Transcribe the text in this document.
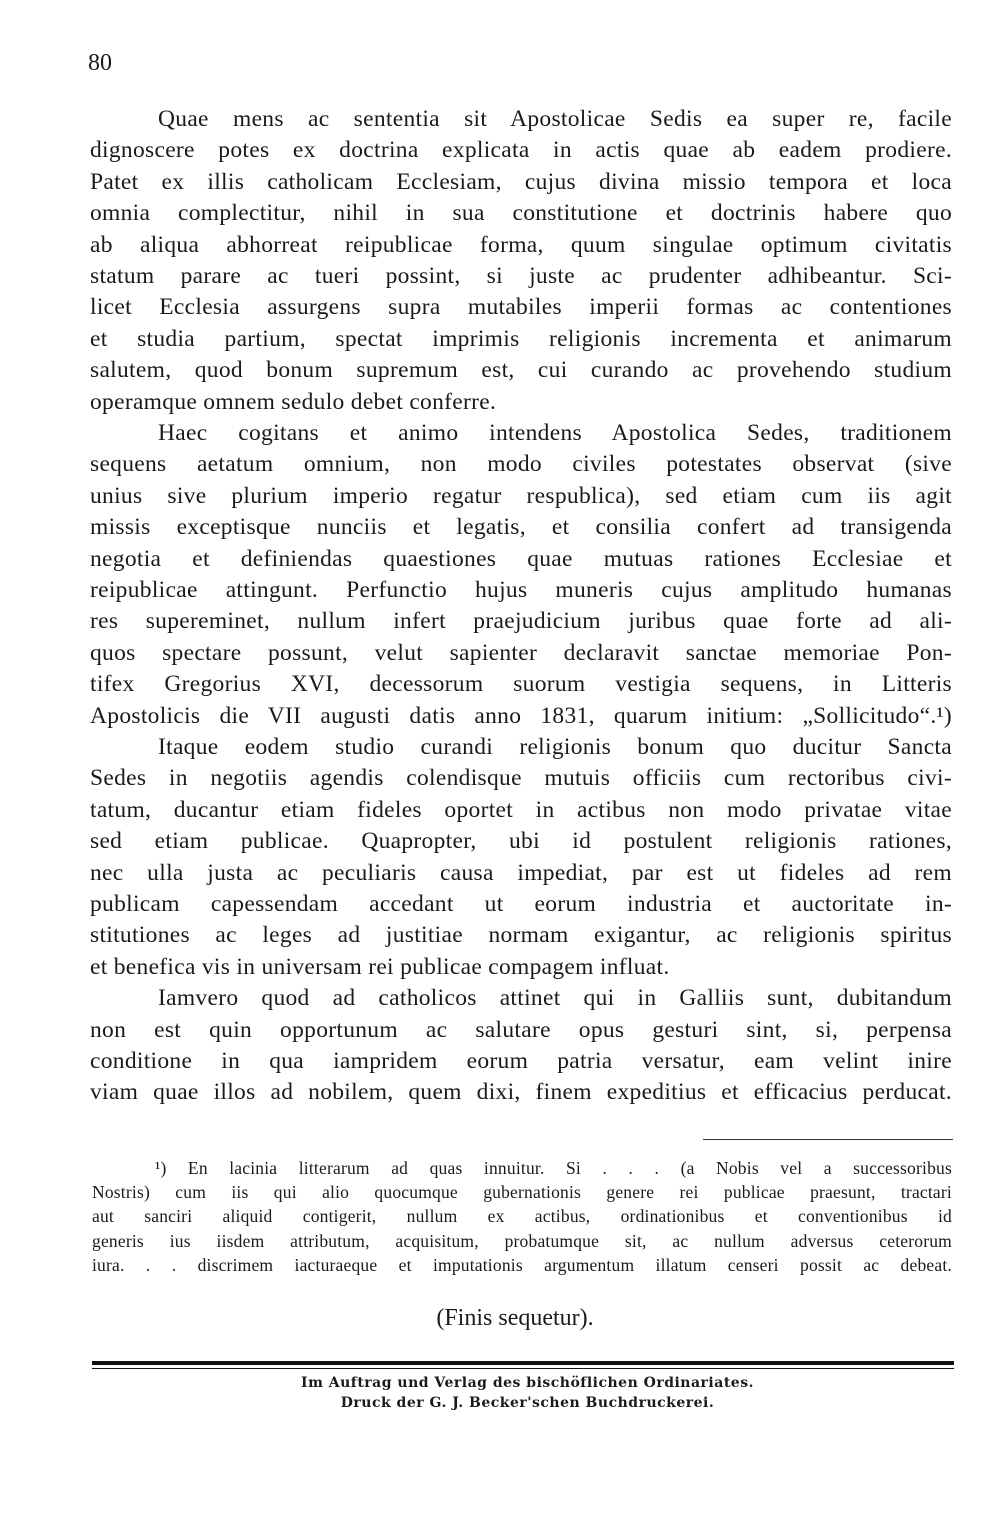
80
Quae mens ac sententia sit Apostolicae Sedis ea super re, facile
dignoscere potes ex doctrina explicata in actis quae ab eadem prodiere.
Patet ex illis catholicam Ecclesiam, cujus divina missio tempora et loca
omnia complectitur, nihil in sua constitutione et doctrinis habere quo
ab aliqua abhorreat reipublicae forma, quum singulae optimum civitatis
statum parare ac tueri possint, si juste ac prudenter adhibeantur. Sci-
licet Ecclesia assurgens supra mutabiles imperii formas ac contentiones
et studia partium, spectat imprimis religionis incrementa et animarum
salutem, quod bonum supremum est, cui curando ac provehendo studium
operamque omnem sedulo debet conferre.
Haec cogitans et animo intendens Apostolica Sedes, traditionem
sequens aetatum omnium, non modo civiles potestates observat (sive
unius sive plurium imperio regatur respublica), sed etiam cum iis agit
missis exceptisque nunciis et legatis, et consilia confert ad transigenda
negotia et definiendas quaestiones quae mutuas rationes Ecclesiae et
reipublicae attingunt. Perfunctio hujus muneris cujus amplitudo humanas
res supereminet, nullum infert praejudicium juribus quae forte ad ali-
quos spectare possunt, velut sapienter declaravit sanctae memoriae Pon-
tifex Gregorius XVI, decessorum suorum vestigia sequens, in Litteris
Apostolicis die VII augusti datis anno 1831, quarum initium: „Sollicitudo“.¹)
Itaque eodem studio curandi religionis bonum quo ducitur Sancta
Sedes in negotiis agendis colendisque mutuis officiis cum rectoribus civi-
tatum, ducantur etiam fideles oportet in actibus non modo privatae vitae
sed etiam publicae. Quapropter, ubi id postulent religionis rationes,
nec ulla justa ac peculiaris causa impediat, par est ut fideles ad rem
publicam capessendam accedant ut eorum industria et auctoritate in-
stitutiones ac leges ad justitiae normam exigantur, ac religionis spiritus
et benefica vis in universam rei publicae compagem influat.
Iamvero quod ad catholicos attinet qui in Galliis sunt, dubitandum
non est quin opportunum ac salutare opus gesturi sint, si, perpensa
conditione in qua iampridem eorum patria versatur, eam velint inire
viam quae illos ad nobilem, quem dixi, finem expeditius et efficacius perducat.
¹) En lacinia litterarum ad quas innuitur. Si . . . (a Nobis vel a successoribus
Nostris) cum iis qui alio quocumque gubernationis genere rei publicae praesunt, tractari
aut sanciri aliquid contigerit, nullum ex actibus, ordinationibus et conventionibus id
generis ius iisdem attributum, acquisitum, probatumque sit, ac nullum adversus ceterorum
iura. . . discrimem iacturaeque et imputationis argumentum illatum censeri possit ac debeat.
(Finis sequetur).
Im Auftrag und Verlag des bischöflichen Ordinariates.
Druck der G. J. Becker'schen Buchdruckerei.
